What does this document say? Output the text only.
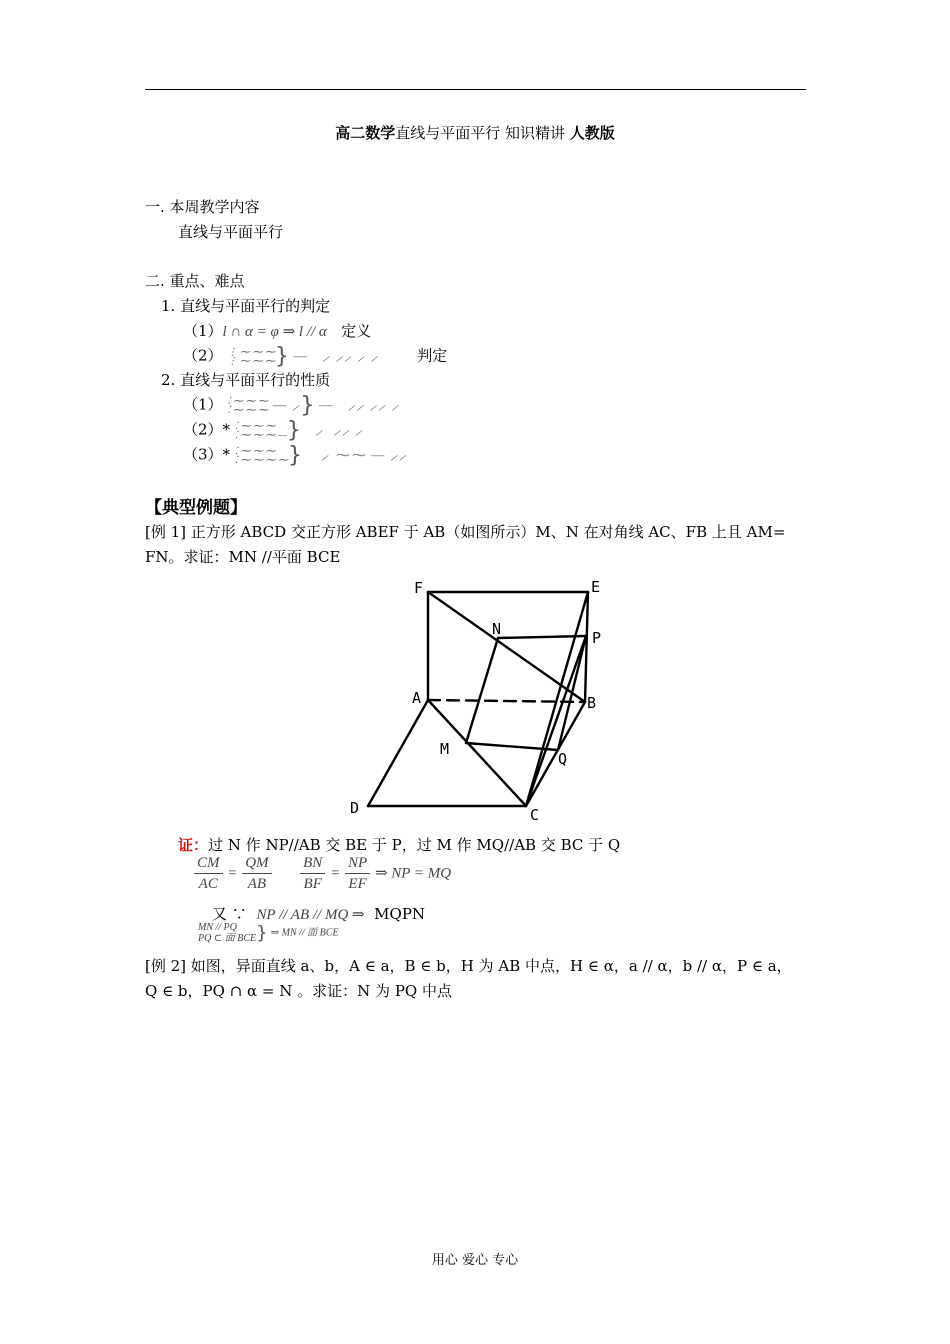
高二数学直线与平面平行 知识精讲 人教版
一. 本周教学内容
直线与平面平行
二. 重点、难点
1. 直线与平面平行的判定
（1）l ∩ α = φ ⇒ l // α 定义
（2） ⋮ ⁓ ⁓ ⁓
⋮ ⁓ ⁓ ⁓} — ⸝ ⸝⸝ ⸝ ⸝	判定
2. 直线与平面平行的性质
（1） ⁚ ⁓ ⁓ ⁓
⁚ ⁓ ⁓ ⁓ — ⸝} —   ⸝⸝ ⸝⸝ ⸝
（2）* ⁚ ⁓ ⁓ ⁓
⁚ ⁓ ⁓ ⁓ —}   ⸝  ⸝⸝ ⸝
（3）* ⁚ ⁓ ⁓ ⁓
⁚ ⁓ ⁓ ⁓ ⁓}    ⸝ ⁓⁓ — ⸝⸝
【典型例题】
[例 1] 正方形 ABCD 交正方形 ABEF 于 AB（如图所示）M、N 在对角线 AC、FB 上且 AM=
FN。求证：MN //平面 BCE
F	E
N	P
A	B
M
Q
D	C
证：过 N 作 NP//AB 交 BE 于 P，过 M 作 MQ//AB 交 BC 于 Q
$\frac{CM}{AC} = \frac{QM}{AB}$
$\frac{BN}{BF} = \frac{NP}{EF}$ ⇒ NP = MQ
又 ∵ NP // AB // MQ ⇒ MQPN
MN // PQ
PQ ⊂ 面 BCE } ⇒ MN // 面 BCE
[例 2] 如图，异面直线 a、b，A ∈ a，B ∈ b，H 为 AB 中点，H ∈ α，a // α，b // α，P ∈ a，
Q ∈ b，PQ ∩ α = N 。求证：N 为 PQ 中点
用心 爱心 专心
